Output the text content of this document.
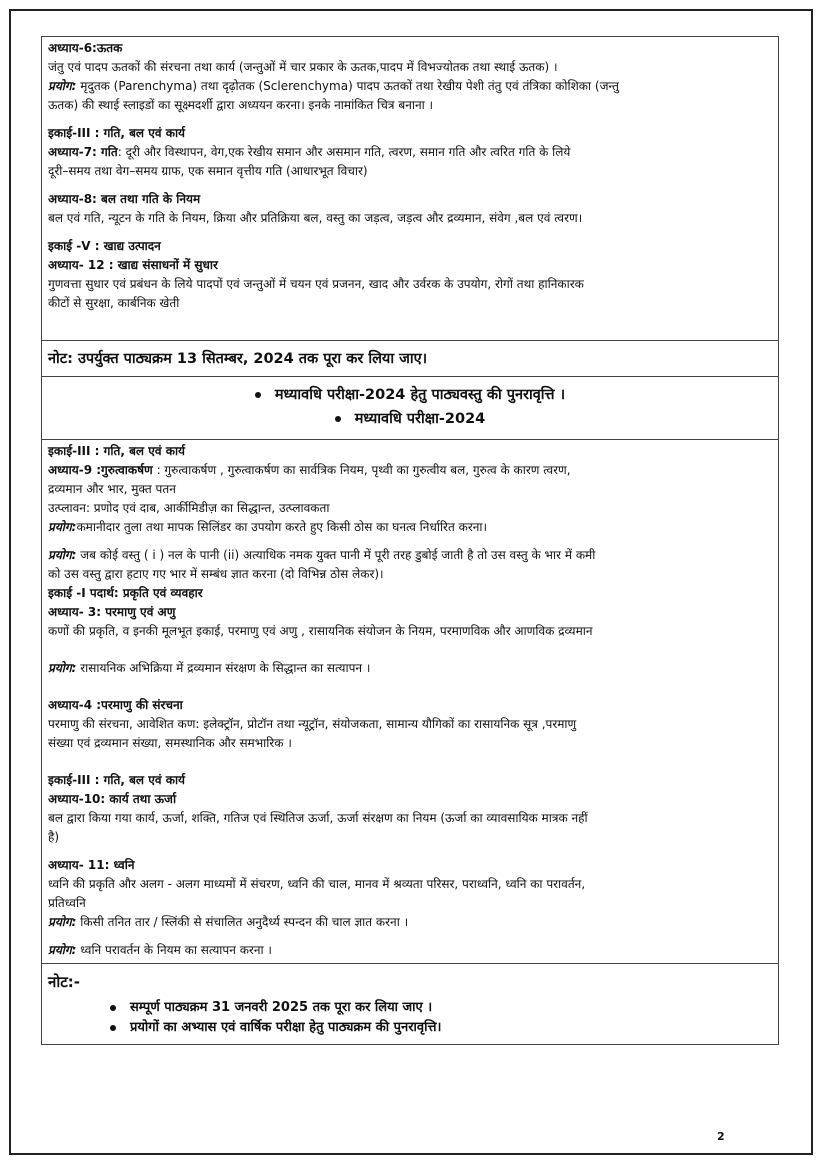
अध्याय-6:ऊतक
जंतु एवं पादप ऊतकों की संरचना तथा कार्य (जन्तुओं में चार प्रकार के ऊतक,पादप में विभज्योतक तथा स्थाई ऊतक) ।
प्रयोग: मृदुतक (Parenchyma) तथा दृढ़ोतक (Sclerenchyma) पादप ऊतकों तथा रेखीय पेशी तंतु एवं तंत्रिका कोशिका (जन्तु
ऊतक) की स्थाई स्लाइडों का सूक्ष्मदर्शी द्वारा अध्ययन करना। इनके नामांकित चित्र बनाना ।
इकाई-III : गति, बल एवं कार्य
अध्याय-7: गति: दूरी और विस्थापन, वेग,एक रेखीय समान और असमान गति, त्वरण, समान गति और त्वरित गति के लिये
दूरी–समय तथा वेग–समय ग्राफ, एक समान वृत्तीय गति (आधारभूत विचार)
अध्याय-8: बल तथा गति के नियम
बल एवं गति, न्यूटन के गति के नियम, क्रिया और प्रतिक्रिया बल, वस्तु का जड़त्व, जड़त्व और द्रव्यमान, संवेग ,बल एवं त्वरण।
इकाई -V : खाद्य उत्पादन
अध्याय- 12 : खाद्य संसाधनों में सुधार
गुणवत्ता सुधार एवं प्रबंधन के लिये पादपों एवं जन्तुओं में चयन एवं प्रजनन, खाद और उर्वरक के उपयोग, रोगों तथा हानिकारक
कीटों से सुरक्षा, कार्बनिक खेती
नोट: उपर्युक्त पाठ्यक्रम 13 सितम्बर, 2024 तक पूरा कर लिया जाए।
मध्यावधि परीक्षा-2024 हेतु पाठ्यवस्तु की पुनरावृत्ति ।
मध्यावधि परीक्षा-2024
इकाई-III : गति, बल एवं कार्य
अध्याय-9 :गुरुत्वाकर्षण : गुरुत्वाकर्षण , गुरुत्वाकर्षण का सार्वत्रिक नियम, पृथ्वी का गुरुत्वीय बल, गुरुत्व के कारण त्वरण,
द्रव्यमान और भार, मुक्त पतन
उत्प्लावन: प्रणोद एवं दाब, आर्कीमिडीज़ का सिद्धान्त, उत्प्लावकता
प्रयोग:कमानीदार तुला तथा मापक सिलिंडर का उपयोग करते हुए किसी ठोस का घनत्व निर्धारित करना।
प्रयोग: जब कोई वस्तु ( i ) नल के पानी (ii) अत्याधिक नमक युक्त पानी में पूरी तरह डुबोई जाती है तो उस वस्तु के भार में कमी
को उस वस्तु द्वारा हटाए गए भार में सम्बंध ज्ञात करना (दो विभिन्न ठोस लेकर)।
इकाई -I पदार्थ: प्रकृति एवं व्यवहार
अध्याय- 3: परमाणु एवं अणु
कणों की प्रकृति, व इनकी मूलभूत इकाई, परमाणु एवं अणु , रासायनिक संयोजन के नियम, परमाणविक और आणविक द्रव्यमान
प्रयोग: रासायनिक अभिक्रिया में द्रव्यमान संरक्षण के सिद्धान्त का सत्यापन ।
अध्याय-4 :परमाणु की संरचना
परमाणु की संरचना, आवेशित कण: इलेक्ट्रॉन, प्रोटॉन तथा न्यूट्रॉन, संयोजकता, सामान्य यौगिकों का रासायनिक सूत्र ,परमाणु
संख्या एवं द्रव्यमान संख्या, समस्थानिक और समभारिक ।
इकाई-III : गति, बल एवं कार्य
अध्याय-10: कार्य तथा ऊर्जा
बल द्वारा किया गया कार्य, ऊर्जा, शक्ति, गतिज एवं स्थितिज ऊर्जा, ऊर्जा संरक्षण का नियम (ऊर्जा का व्यावसायिक मात्रक नहीं
है)
अध्याय- 11: ध्वनि
ध्वनि की प्रकृति और अलग - अलग माध्यमों में संचरण, ध्वनि की चाल, मानव में श्रव्यता परिसर, पराध्वनि, ध्वनि का परावर्तन,
प्रतिध्वनि
प्रयोग: किसी तनित तार / स्लिंकी से संचालित अनुदैर्ध्य स्पन्दन की चाल ज्ञात करना ।
प्रयोग: ध्वनि परावर्तन के नियम का सत्यापन करना ।
नोट:-
सम्पूर्ण पाठ्यक्रम 31 जनवरी 2025 तक पूरा कर लिया जाए ।
प्रयोगों का अभ्यास एवं वार्षिक परीक्षा हेतु पाठ्यक्रम की पुनरावृत्ति।
2
